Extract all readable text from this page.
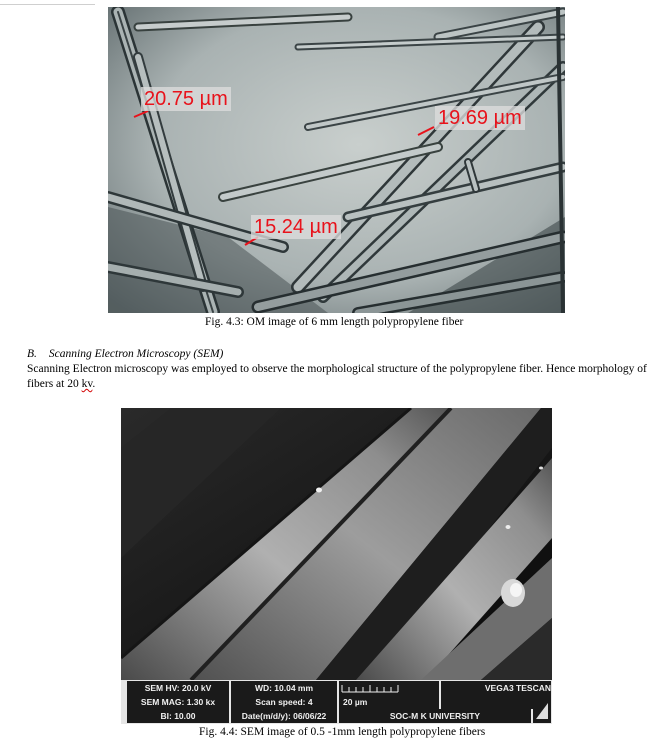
20.75 µm
19.69 µm
15.24 µm
Fig. 4.3: OM image of 6 mm length polypropylene fiber
B. Scanning Electron Microscopy (SEM)
Scanning Electron microscopy was employed to observe the morphological structure of the polypropylene fiber. Hence morphology of fibers at 20 kv.
SEM HV: 20.0 kV	WD: 10.04 mm	VEGA3 TESCAN
SEM MAG: 1.30 kx	Scan speed: 4	20 µm
BI: 10.00	Date(m/d/y): 06/06/22	SOC-M K UNIVERSITY
Fig. 4.4: SEM image of 0.5 -1mm length polypropylene fibers
